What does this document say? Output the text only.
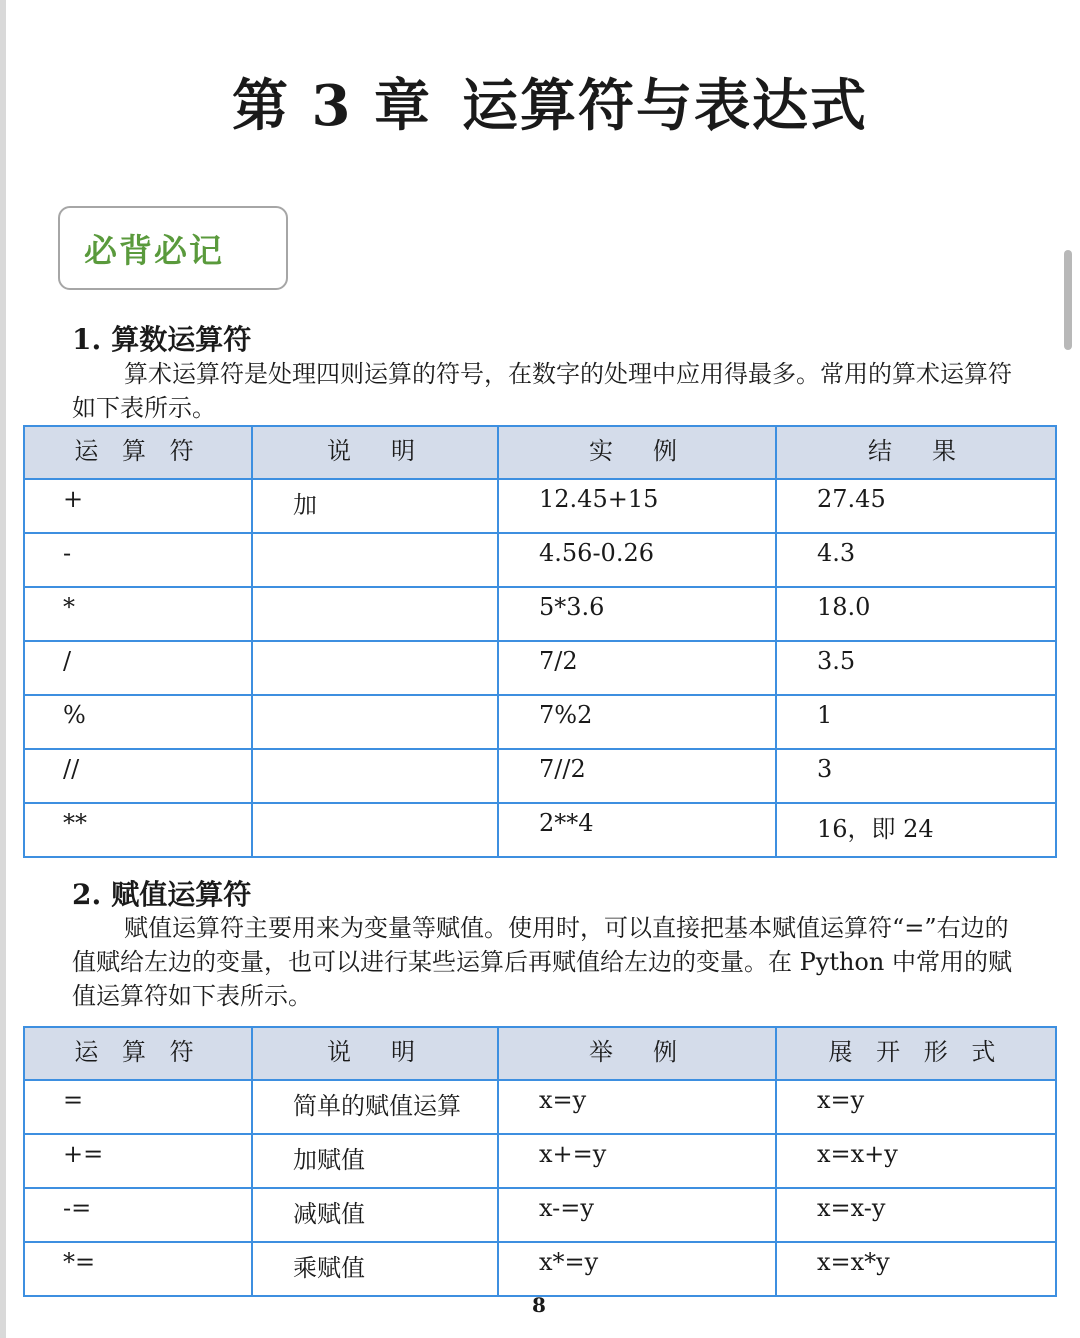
第 3 章 运算符与表达式
必背必记
1. 算数运算符

算术运算符是处理四则运算的符号，在数字的处理中应用得最多。常用的算术运算符如下表所示。

运 算 符	说　明	实　例	结　果
+	加	12.45+15	27.45
-		4.56-0.26	4.3
*		5*3.6	18.0
/		7/2	3.5
%		7%2	1
//		7//2	3
**		2**4	16，即 24
2. 赋值运算符

赋值运算符主要用来为变量等赋值。使用时，可以直接把基本赋值运算符“=”右边的值赋给左边的变量，也可以进行某些运算后再赋值给左边的变量。在 Python 中常用的赋值运算符如下表所示。

运 算 符	说　明	举　例	展 开 形 式
=	简单的赋值运算	x=y	x=y
+=	加赋值	x+=y	x=x+y
-=	减赋值	x-=y	x=x-y
*=	乘赋值	x*=y	x=x*y
8
